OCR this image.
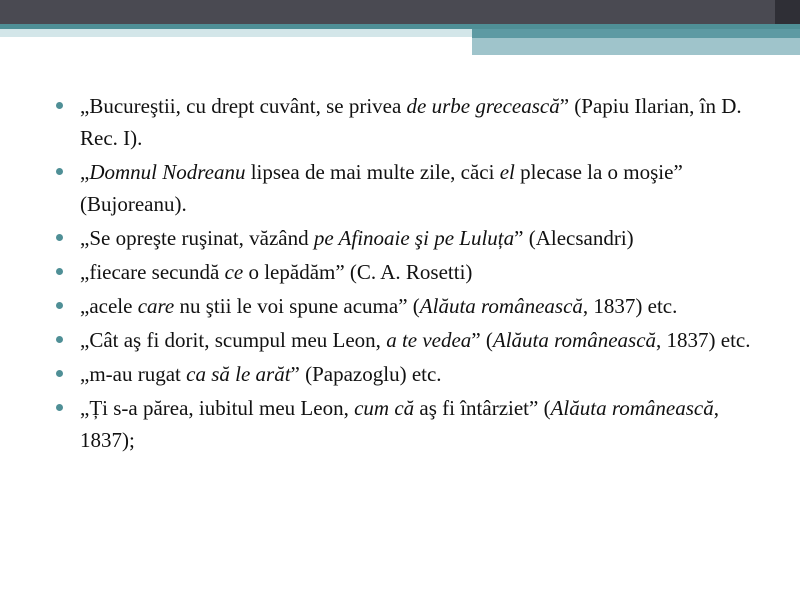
„Bucureştii, cu drept cuvânt, se privea de urbe grecească” (Papiu Ilarian, în D. Rec. I).
„Domnul Nodreanu lipsea de mai multe zile, căci el plecase la o moşie” (Bujoreanu).
„Se opreşte ruşinat, văzând pe Afinoaie şi pe Luluța” (Alecsandri)
„fiecare secundă ce o lepădăm” (C. A. Rosetti)
„acele care nu ştii le voi spune acuma” (Alăuta românească, 1837) etc.
„Cât aş fi dorit, scumpul meu Leon, a te vedea” (Alăuta românească, 1837) etc.
„m-au rugat ca să le arăt” (Papazoglu) etc.
„Ți s-a părea, iubitul meu Leon, cum că aş fi întârziet” (Alăuta românească, 1837);
